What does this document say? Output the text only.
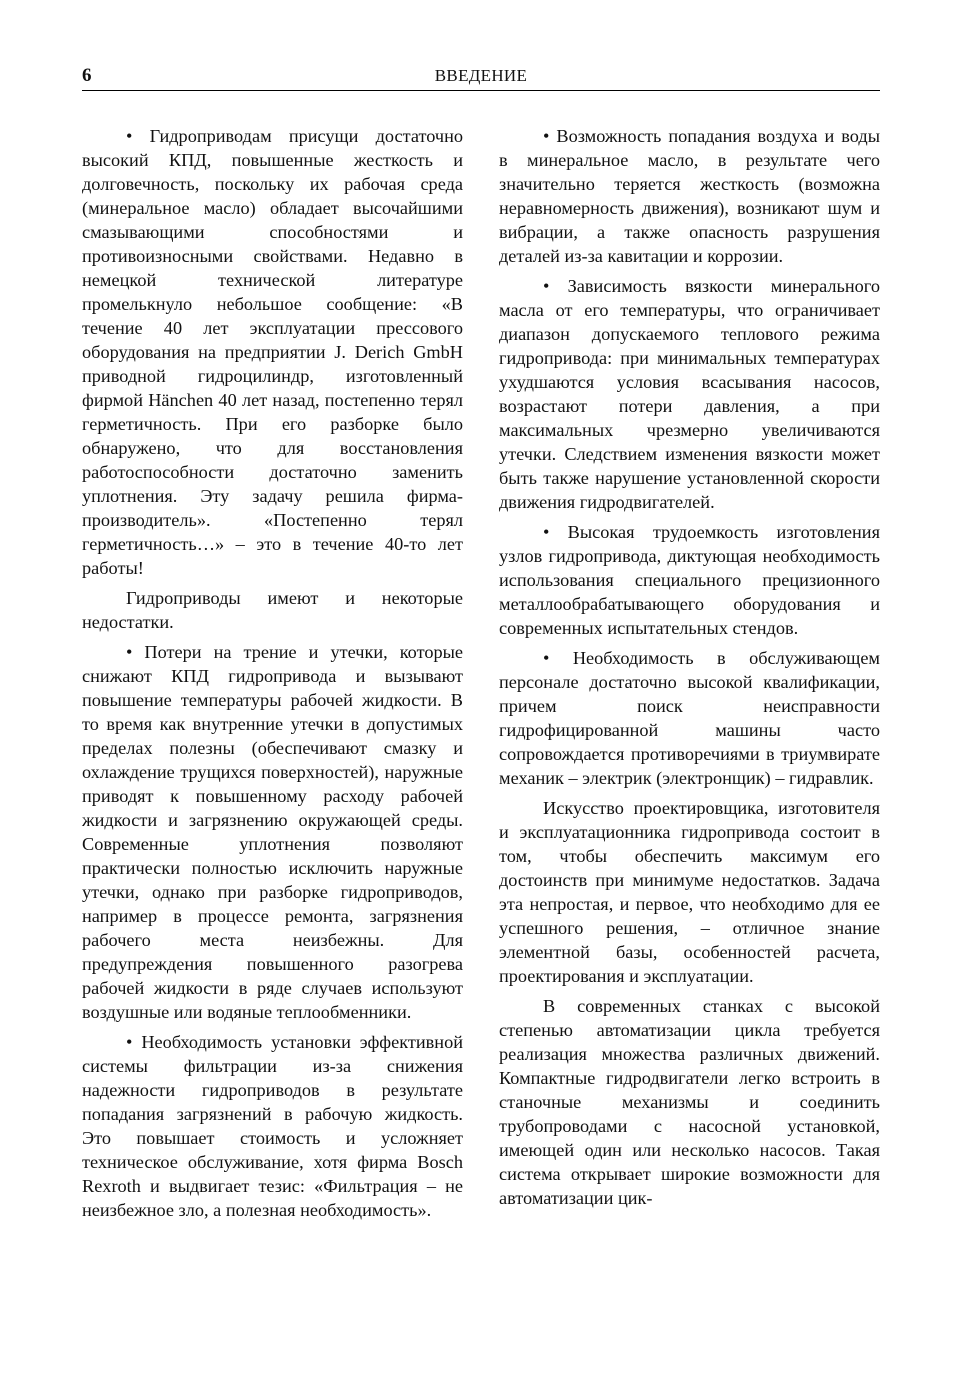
6	ВВЕДЕНИЕ

• Гидроприводам присущи достаточно высокий КПД, повышенные жесткость и долговечность, поскольку их рабочая среда (минеральное масло) обладает высочайшими смазывающими способностями и противоизносными свойствами. Недавно в немецкой технической литературе промелькнуло небольшое сообщение: «В течение 40 лет эксплуатации прессового оборудования на предприятии J. Derich GmbH приводной гидроцилиндр, изготовленный фирмой Hänchen 40 лет назад, постепенно терял герметичность. При его разборке было обнаружено, что для восстановления работоспособности достаточно заменить уплотнения. Эту задачу решила фирма-производитель». «Постепенно терял герметичность…» – это в течение 40-то лет работы!

Гидроприводы имеют и некоторые недостатки.

• Потери на трение и утечки, которые снижают КПД гидропривода и вызывают повышение температуры рабочей жидкости. В то время как внутренние утечки в допустимых пределах полезны (обеспечивают смазку и охлаждение трущихся поверхностей), наружные приводят к повышенному расходу рабочей жидкости и загрязнению окружающей среды. Современные уплотнения позволяют практически полностью исключить наружные утечки, однако при разборке гидроприводов, например в процессе ремонта, загрязнения рабочего места неизбежны. Для предупреждения повышенного разогрева рабочей жидкости в ряде случаев используют воздушные или водяные теплообменники.

• Необходимость установки эффективной системы фильтрации из-за снижения надежности гидроприводов в результате попадания загрязнений в рабочую жидкость. Это повышает стоимость и усложняет техническое обслуживание, хотя фирма Bosch Rexroth и выдвигает тезис: «Фильтрация – не неизбежное зло, а полезная необходимость».

• Возможность попадания воздуха и воды в минеральное масло, в результате чего значительно теряется жесткость (возможна неравномерность движения), возникают шум и вибрации, а также опасность разрушения деталей из-за кавитации и коррозии.

• Зависимость вязкости минерального масла от его температуры, что ограничивает диапазон допускаемого теплового режима гидропривода: при минимальных температурах ухудшаются условия всасывания насосов, возрастают потери давления, а при максимальных чрезмерно увеличиваются утечки. Следствием изменения вязкости может быть также нарушение установленной скорости движения гидродвигателей.

• Высокая трудоемкость изготовления узлов гидропривода, диктующая необходимость использования специального прецизионного металлообрабатывающего оборудования и современных испытательных стендов.

• Необходимость в обслуживающем персонале достаточно высокой квалификации, причем поиск неисправности гидрофицированной машины часто сопровождается противоречиями в триумвирате механик – электрик (электронщик) – гидравлик.

Искусство проектировщика, изготовителя и эксплуатационника гидропривода состоит в том, чтобы обеспечить максимум его достоинств при минимуме недостатков. Задача эта непростая, и первое, что необходимо для ее успешного решения, – отличное знание элементной базы, особенностей расчета, проектирования и эксплуатации.

В современных станках с высокой степенью автоматизации цикла требуется реализация множества различных движений. Компактные гидродвигатели легко встроить в станочные механизмы и соединить трубопроводами с насосной установкой, имеющей один или несколько насосов. Такая система открывает широкие возможности для автоматизации цик-
